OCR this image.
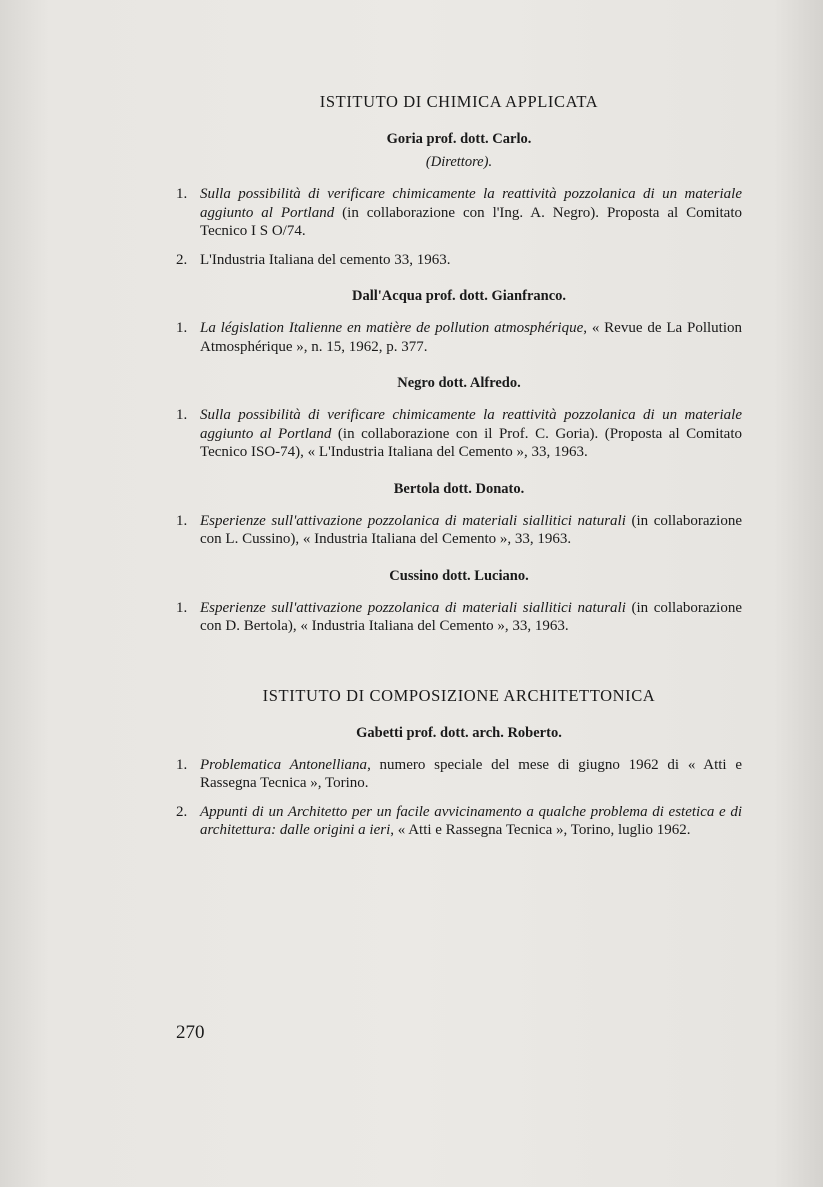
ISTITUTO DI CHIMICA APPLICATA
Goria prof. dott. Carlo.
(Direttore).
1. Sulla possibilità di verificare chimicamente la reattività pozzolanica di un materiale aggiunto al Portland (in collaborazione con l'Ing. A. Negro). Proposta al Comitato Tecnico I S O/74.
2. L'Industria Italiana del cemento 33, 1963.
Dall'Acqua prof. dott. Gianfranco.
1. La législation Italienne en matière de pollution atmosphérique, « Revue de La Pollution Atmosphérique », n. 15, 1962, p. 377.
Negro dott. Alfredo.
1. Sulla possibilità di verificare chimicamente la reattività pozzolanica di un materiale aggiunto al Portland (in collaborazione con il Prof. C. Goria). (Proposta al Comitato Tecnico ISO-74), « L'Industria Italiana del Cemento », 33, 1963.
Bertola dott. Donato.
1. Esperienze sull'attivazione pozzolanica di materiali siallitici naturali (in collaborazione con L. Cussino), « Industria Italiana del Cemento », 33, 1963.
Cussino dott. Luciano.
1. Esperienze sull'attivazione pozzolanica di materiali siallitici naturali (in collaborazione con D. Bertola), « Industria Italiana del Cemento », 33, 1963.
ISTITUTO DI COMPOSIZIONE ARCHITETTONICA
Gabetti prof. dott. arch. Roberto.
1. Problematica Antonelliana, numero speciale del mese di giugno 1962 di « Atti e Rassegna Tecnica », Torino.
2. Appunti di un Architetto per un facile avvicinamento a qualche problema di estetica e di architettura: dalle origini a ieri, « Atti e Rassegna Tecnica », Torino, luglio 1962.
270
